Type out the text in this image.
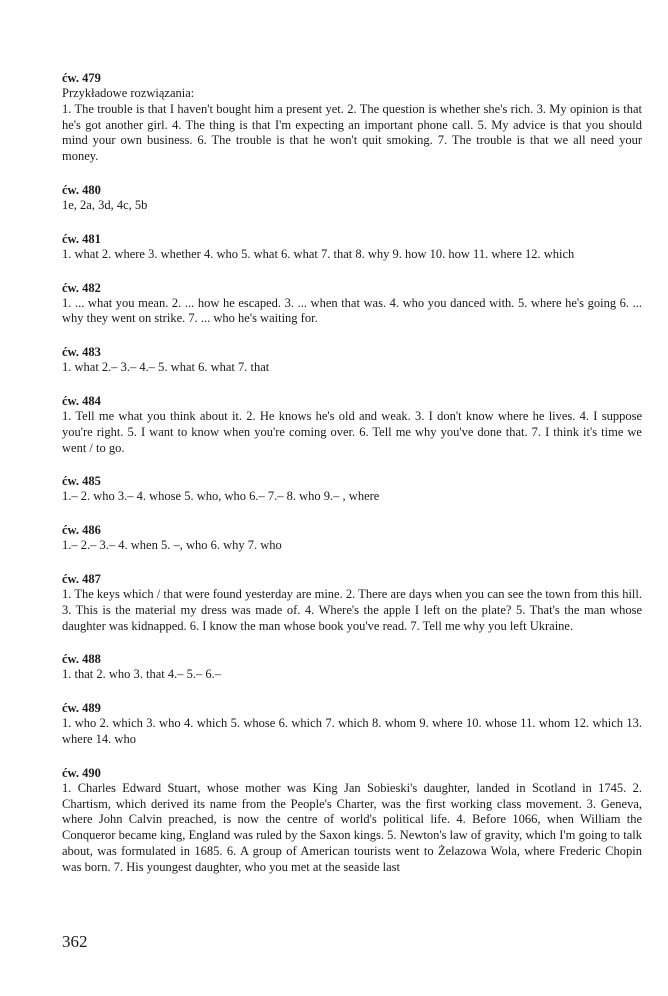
ćw. 479

Przykładowe rozwiązania:

1. The trouble is that I haven't bought him a present yet. 2. The question is whether she's rich. 3. My opinion is that he's got another girl. 4. The thing is that I'm expecting an important phone call. 5. My advice is that you should mind your own business. 6. The trouble is that he won't quit smoking. 7. The trouble is that we all need your money.

ćw. 480

1e, 2a, 3d, 4c, 5b

ćw. 481

1. what 2. where 3. whether 4. who 5. what 6. what 7. that 8. why 9. how 10. how 11. where 12. which

ćw. 482

1. ... what you mean. 2. ... how he escaped. 3. ... when that was. 4. who you danced with. 5. where he's going 6. ... why they went on strike. 7. ... who he's waiting for.

ćw. 483

1. what 2.– 3.– 4.– 5. what 6. what 7. that

ćw. 484

1. Tell me what you think about it. 2. He knows he's old and weak. 3. I don't know where he lives. 4. I suppose you're right. 5. I want to know when you're coming over. 6. Tell me why you've done that. 7. I think it's time we went / to go.

ćw. 485

1.– 2. who 3.– 4. whose 5. who, who 6.– 7.– 8. who 9.– , where

ćw. 486

1.– 2.– 3.– 4. when 5. –, who 6. why 7. who

ćw. 487

1. The keys which / that were found yesterday are mine. 2. There are days when you can see the town from this hill. 3. This is the material my dress was made of. 4. Where's the apple I left on the plate? 5. That's the man whose daughter was kidnapped. 6. I know the man whose book you've read. 7. Tell me why you left Ukraine.

ćw. 488

1. that 2. who 3. that 4.– 5.– 6.–

ćw. 489

1. who 2. which 3. who 4. which 5. whose 6. which 7. which 8. whom 9. where 10. whose 11. whom 12. which 13. where 14. who

ćw. 490

1. Charles Edward Stuart, whose mother was King Jan Sobieski's daughter, landed in Scotland in 1745. 2. Chartism, which derived its name from the People's Charter, was the first working class movement. 3. Geneva, where John Calvin preached, is now the centre of world's political life. 4. Before 1066, when William the Conqueror became king, England was ruled by the Saxon kings. 5. Newton's law of gravity, which I'm going to talk about, was formulated in 1685. 6. A group of American tourists went to Żelazowa Wola, where Frederic Chopin was born. 7. His youngest daughter, who you met at the seaside last

362
